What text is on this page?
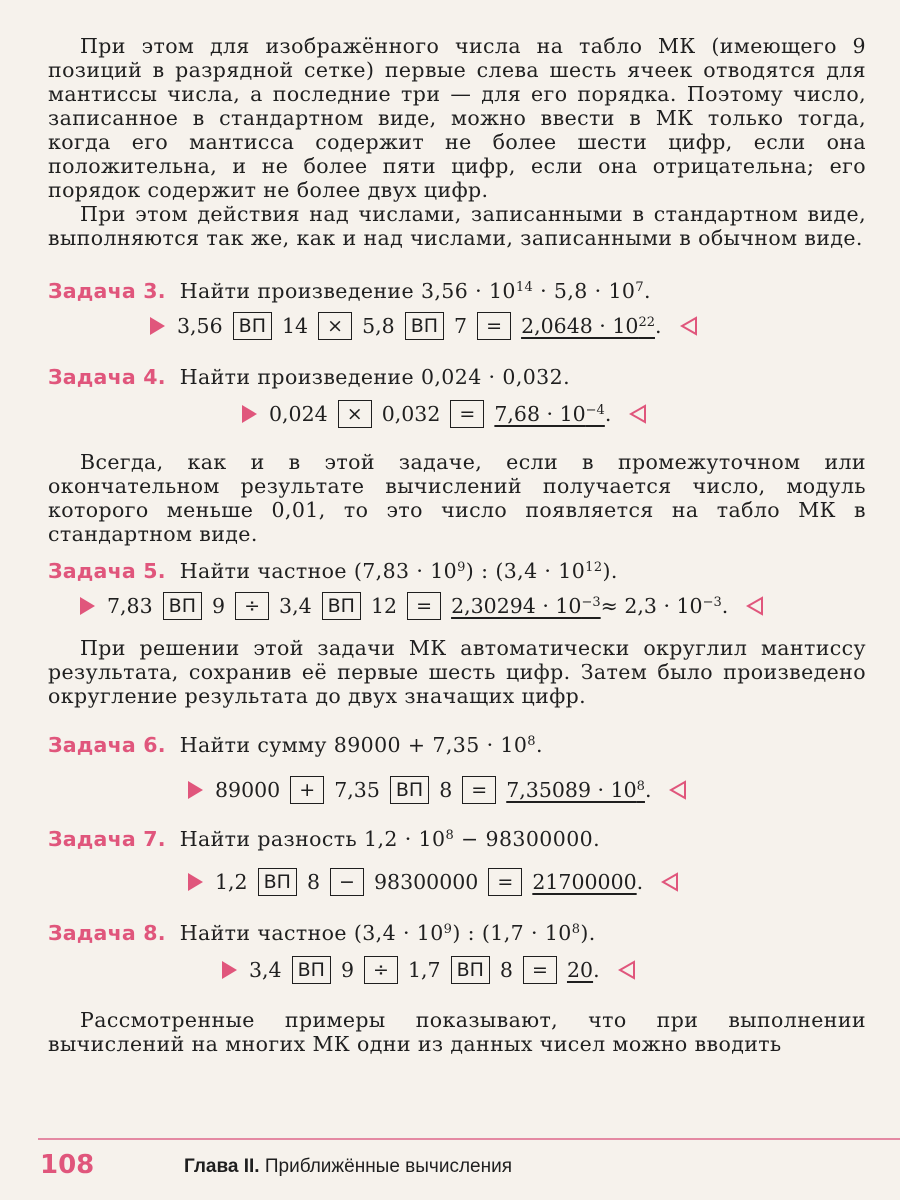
При этом для изображённого числа на табло МК (имеющего 9 позиций в разрядной сетке) первые слева шесть ячеек отводятся для мантиссы числа, а последние три — для его порядка. Поэтому число, записанное в стандартном виде, можно ввести в МК только тогда, когда его мантисса содержит не более шести цифр, если она положительна, и не более пяти цифр, если она отрицательна; его порядок содержит не более двух цифр.

При этом действия над числами, записанными в стандартном виде, выполняются так же, как и над числами, записанными в обычном виде.

Задача 3. Найти произведение $3,56 \cdot 10^{14} \cdot 5,8 \cdot 10^7$.

3,56 ВП 14	× 5,8 ВП 7	= $2,0648 \cdot 10^{22}$ .

Задача 4. Найти произведение 0,024 · 0,032.

0,024	× 0,032	= $7,68 \cdot 10^{-4}$ .

Всегда, как и в этой задаче, если в промежуточном или окончательном результате вычислений получается число, модуль которого меньше 0,01, то это число появляется на табло МК в стандартном виде.

Задача 5. Найти частное $(7,83 \cdot 10^9)$ : $(3,4 \cdot 10^{12})$.

7,83 ВП 9	÷ 3,4 ВП 12	= $2,30294 \cdot 10^{-3} \approx 2,3 \cdot 10^{-3}$.

При решении этой задачи МК автоматически округлил мантиссу результата, сохранив её первые шесть цифр. Затем было произведено округление результата до двух значащих цифр.

Задача 6. Найти сумму $89000 + 7,35 \cdot 10^8$.

89000	+ 7,35 ВП 8	= $7,35089 \cdot 10^8$ .

Задача 7. Найти разность $1,2 \cdot 10^8 - 98300000$.

1,2 ВП 8	− 98300000	= 21700000 .

Задача 8. Найти частное $(3,4 \cdot 10^9)$ : $(1,7 \cdot 10^8)$.

3,4 ВП 9	÷ 1,7 ВП 8	= 20 .

Рассмотренные примеры показывают, что при выполнении вычислений на многих МК одни из данных чисел можно вводить

108	Глава II. Приближённые вычисления
